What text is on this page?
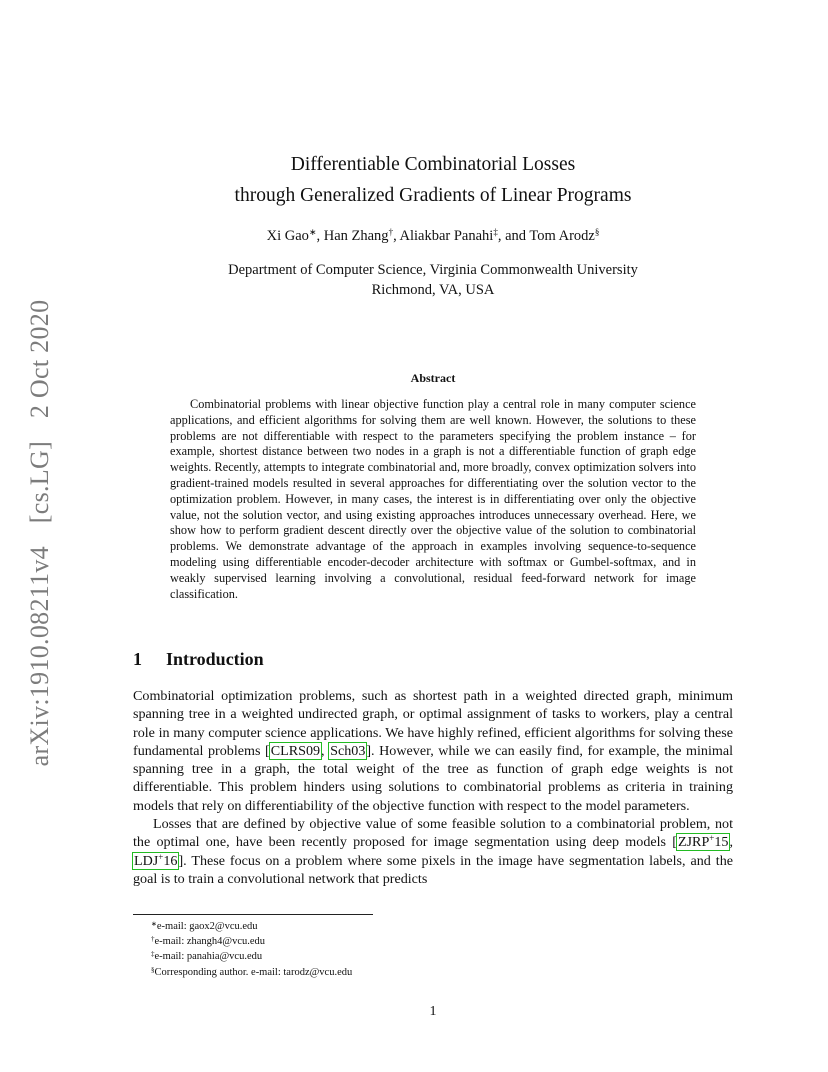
arXiv:1910.08211v4 [cs.LG] 2 Oct 2020
Differentiable Combinatorial Losses
through Generalized Gradients of Linear Programs
Xi Gao∗, Han Zhang†, Aliakbar Panahi‡, and Tom Arodz§
Department of Computer Science, Virginia Commonwealth University
Richmond, VA, USA
Abstract
Combinatorial problems with linear objective function play a central role in many computer science applications, and efficient algorithms for solving them are well known. However, the solutions to these problems are not differentiable with respect to the parameters specifying the problem instance – for example, shortest distance between two nodes in a graph is not a differentiable function of graph edge weights. Recently, attempts to integrate combinatorial and, more broadly, convex optimization solvers into gradient-trained models resulted in several approaches for differentiating over the solution vector to the optimization problem. However, in many cases, the interest is in differentiating over only the objective value, not the solution vector, and using existing approaches introduces unnecessary overhead. Here, we show how to perform gradient descent directly over the objective value of the solution to combinatorial problems. We demonstrate advantage of the approach in examples involving sequence-to-sequence modeling using differentiable encoder-decoder architecture with softmax or Gumbel-softmax, and in weakly supervised learning involving a convolutional, residual feed-forward network for image classification.
1 Introduction

Combinatorial optimization problems, such as shortest path in a weighted directed graph, minimum spanning tree in a weighted undirected graph, or optimal assignment of tasks to workers, play a central role in many computer science applications. We have highly refined, efficient algorithms for solving these fundamental problems [CLRS09, Sch03]. However, while we can easily find, for example, the minimal spanning tree in a graph, the total weight of the tree as function of graph edge weights is not differentiable. This problem hinders using solutions to combinatorial problems as criteria in training models that rely on differentiability of the objective function with respect to the model parameters.

Losses that are defined by objective value of some feasible solution to a combinatorial problem, not the optimal one, have been recently proposed for image segmentation using deep models [ZJRP+15, LDJ+16]. These focus on a problem where some pixels in the image have segmentation labels, and the goal is to train a convolutional network that predicts

∗e-mail: gaox2@vcu.edu
†e-mail: zhangh4@vcu.edu
‡e-mail: panahia@vcu.edu
§Corresponding author. e-mail: tarodz@vcu.edu
1
